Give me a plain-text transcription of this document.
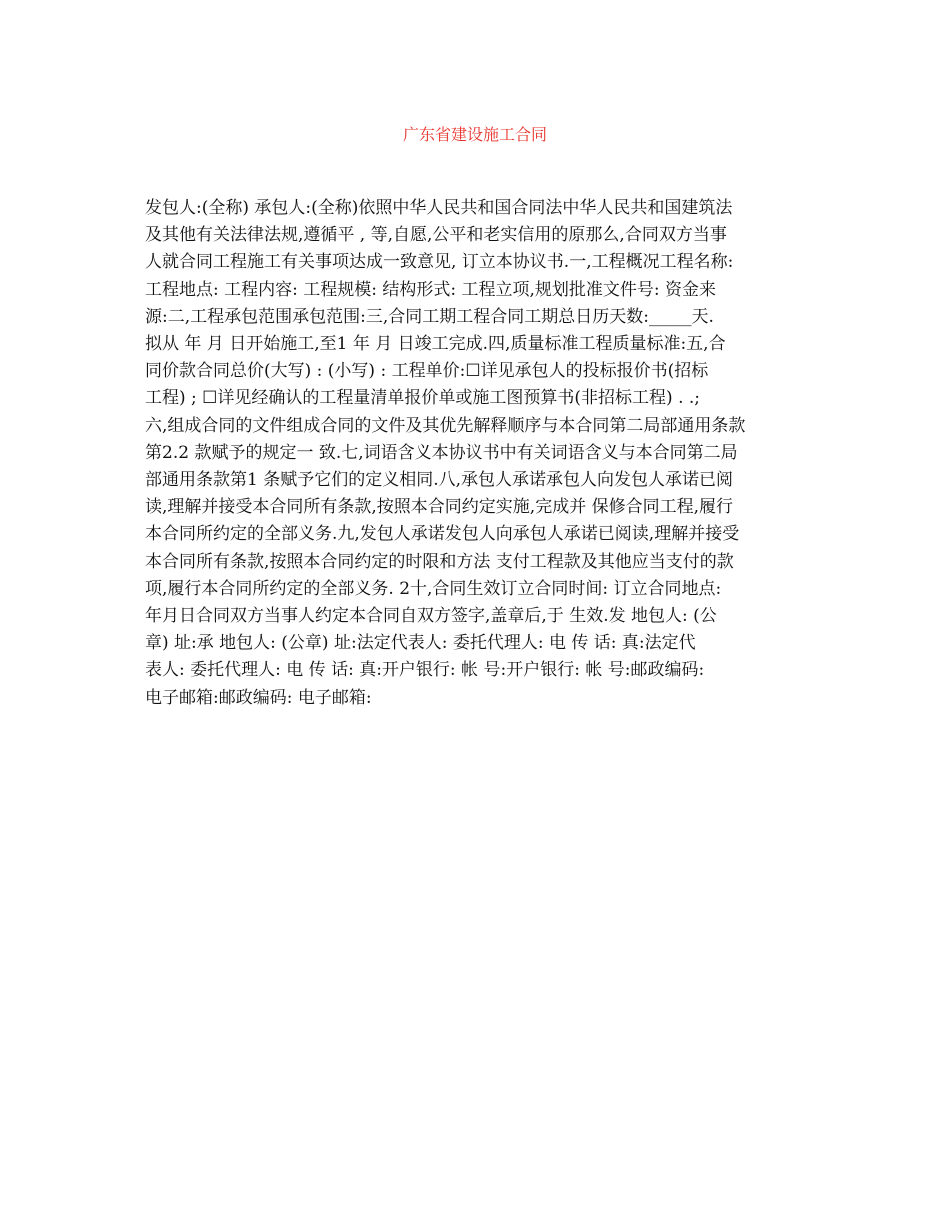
广东省建设施工合同
发包人:(全称) 承包人:(全称)依照中华人民共和国合同法中华人民共和国建筑法
及其他有关法律法规,遵循平 , 等,自愿,公平和老实信用的原那么,合同双方当事
人就合同工程施工有关事项达成一致意见, 订立本协议书.一,工程概况工程名称:
工程地点: 工程内容: 工程规模: 结构形式: 工程立项,规划批准文件号: 资金来
源:二,工程承包范围承包范围:三,合同工期工程合同工期总日历天数:_____天.
拟从 年 月 日开始施工,至1 年 月 日竣工完成.四,质量标准工程质量标准:五,合
同价款合同总价(大写) : (小写) : 工程单价:☐详见承包人的投标报价书(招标
工程) ; ☐详见经确认的工程量清单报价单或施工图预算书(非招标工程) . .;
六,组成合同的文件组成合同的文件及其优先解释顺序与本合同第二局部通用条款
第2.2 款赋予的规定一 致.七,词语含义本协议书中有关词语含义与本合同第二局
部通用条款第1 条赋予它们的定义相同.八,承包人承诺承包人向发包人承诺已阅
读,理解并接受本合同所有条款,按照本合同约定实施,完成并 保修合同工程,履行
本合同所约定的全部义务.九,发包人承诺发包人向承包人承诺已阅读,理解并接受
本合同所有条款,按照本合同约定的时限和方法 支付工程款及其他应当支付的款
项,履行本合同所约定的全部义务. 2十,合同生效订立合同时间: 订立合同地点:
年月日合同双方当事人约定本合同自双方签字,盖章后,于 生效.发 地包人: (公
章) 址:承 地包人: (公章) 址:法定代表人: 委托代理人: 电 传 话: 真:法定代
表人: 委托代理人: 电 传 话: 真:开户银行: 帐 号:开户银行: 帐 号:邮政编码:
电子邮箱:邮政编码: 电子邮箱:
